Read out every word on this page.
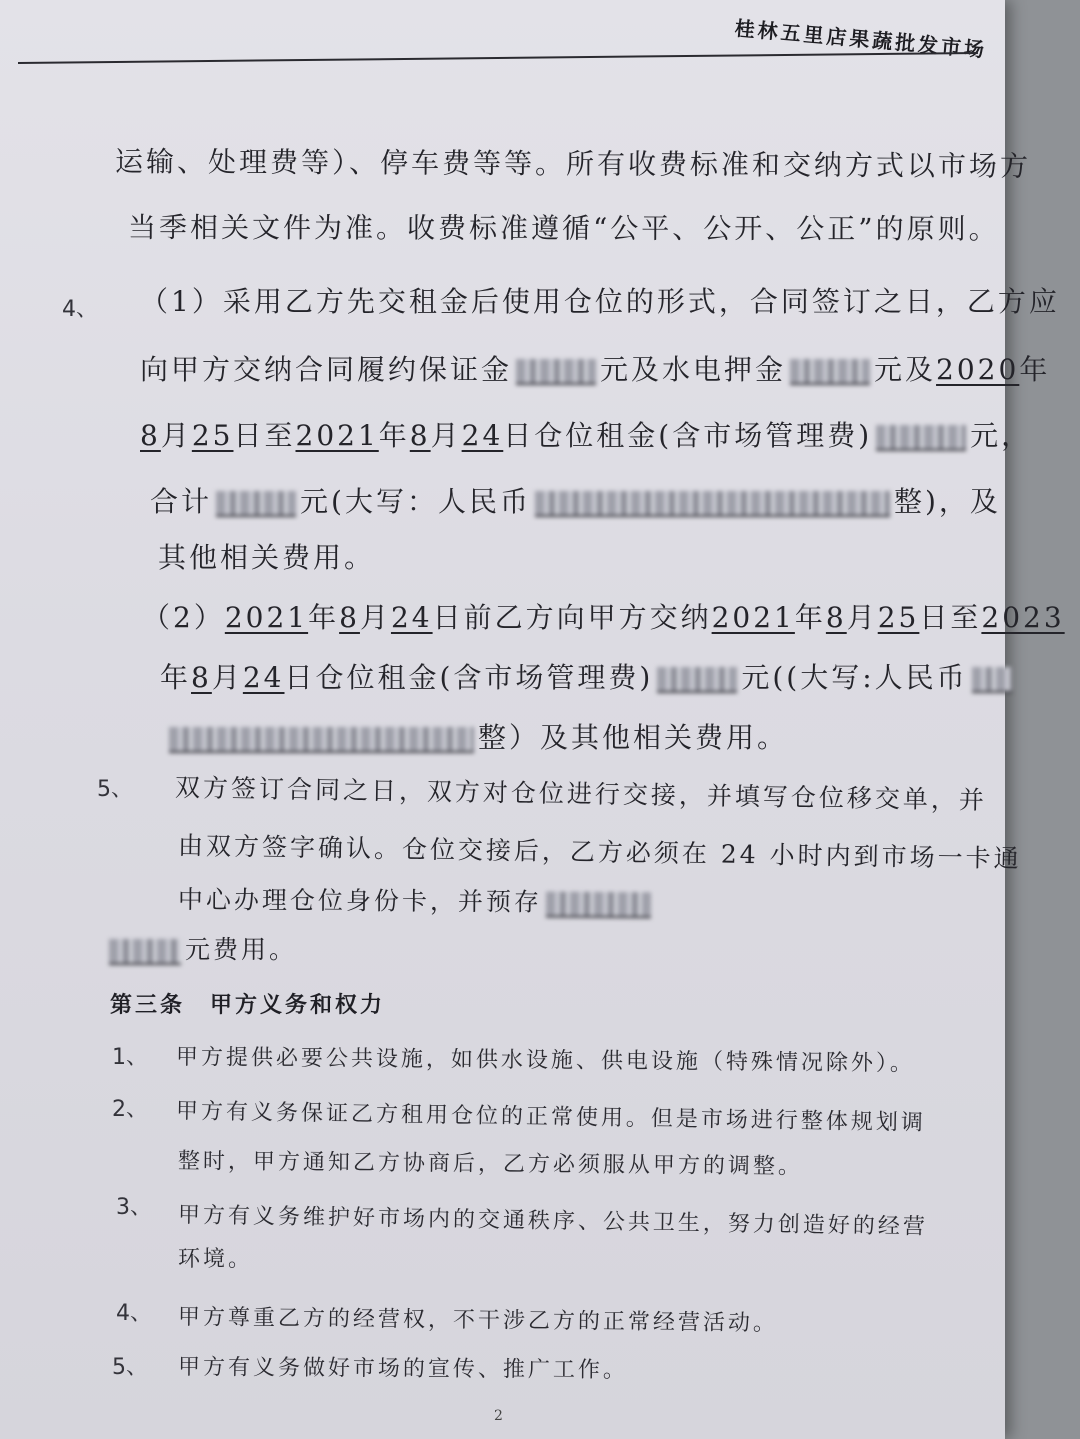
桂林五里店果蔬批发市场
运输、处理费等）、停车费等等。所有收费标准和交纳方式以市场方
当季相关文件为准。收费标准遵循“公平、公开、公正”的原则。
4、 （1）采用乙方先交租金后使用仓位的形式，合同签订之日，乙方应
向甲方交纳合同履约保证金	元及水电押金	元及2020年
8月25日至2021年8月24日仓位租金(含市场管理费)	元，
合计	元(大写：人民币	整)，及
其他相关费用。
（2）2021年8月24日前乙方向甲方交纳2021年8月25日至2023
年8月24日仓位租金(含市场管理费)	元((大写:人民币
整）及其他相关费用。
5、 双方签订合同之日，双方对仓位进行交接，并填写仓位移交单，并
由双方签字确认。仓位交接后，乙方必须在 24 小时内到市场一卡通
中心办理仓位身份卡，并预存
元费用。
第三条　甲方义务和权力
1、 甲方提供必要公共设施，如供水设施、供电设施（特殊情况除外）。
2、 甲方有义务保证乙方租用仓位的正常使用。但是市场进行整体规划调
整时，甲方通知乙方协商后，乙方必须服从甲方的调整。
3、 甲方有义务维护好市场内的交通秩序、公共卫生，努力创造好的经营
环境。
4、 甲方尊重乙方的经营权，不干涉乙方的正常经营活动。
5、 甲方有义务做好市场的宣传、推广工作。
2
